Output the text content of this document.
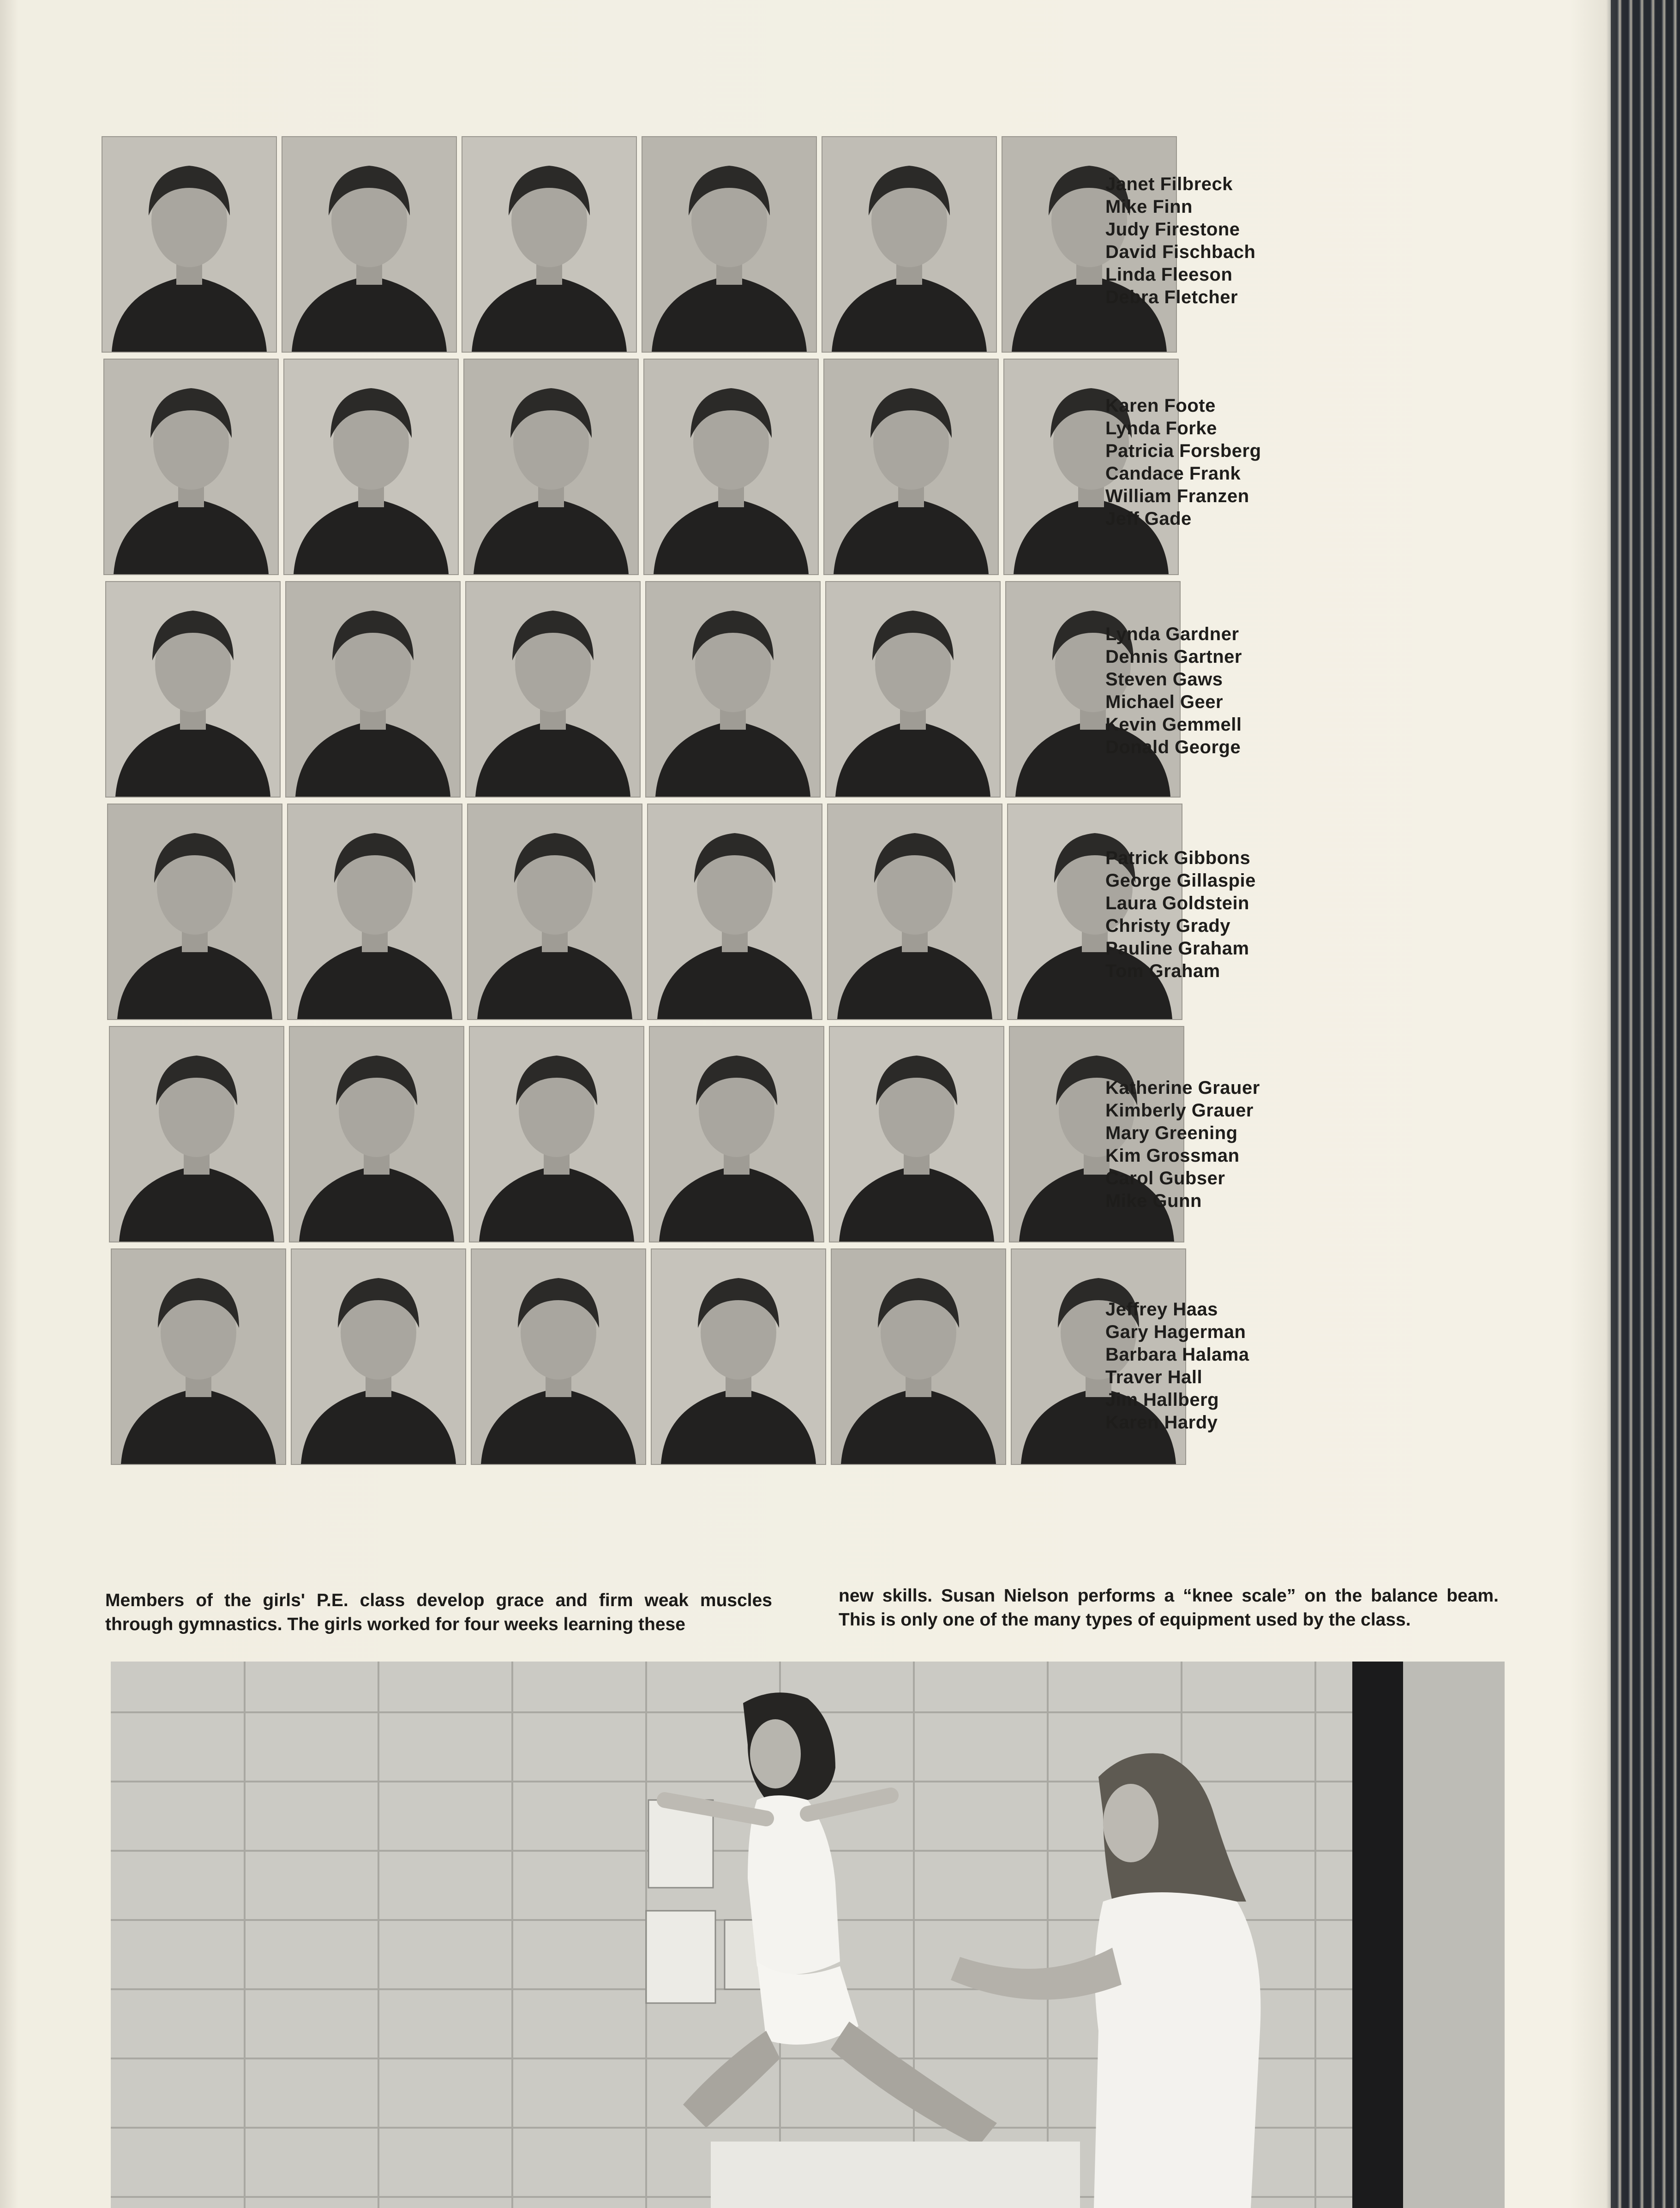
Janet Filbreck
Mike Finn
Judy Firestone
David Fischbach
Linda Fleeson
Debra Fletcher
Karen Foote
Lynda Forke
Patricia Forsberg
Candace Frank
William Franzen
Jeff Gade
Lynda Gardner
Dennis Gartner
Steven Gaws
Michael Geer
Kevin Gemmell
Donald George
Patrick Gibbons
George Gillaspie
Laura Goldstein
Christy Grady
Pauline Graham
Tom Graham
Katherine Grauer
Kimberly Grauer
Mary Greening
Kim Grossman
Carol Gubser
Mike Gunn
Jeffrey Haas
Gary Hagerman
Barbara Halama
Traver Hall
Jim Hallberg
Karen Hardy
Members of the girls' P.E. class develop grace and firm weak muscles through gymnastics. The girls worked for four weeks learning these
new skills. Susan Nielson performs a “knee scale” on the balance beam. This is only one of the many types of equipment used by the class.
